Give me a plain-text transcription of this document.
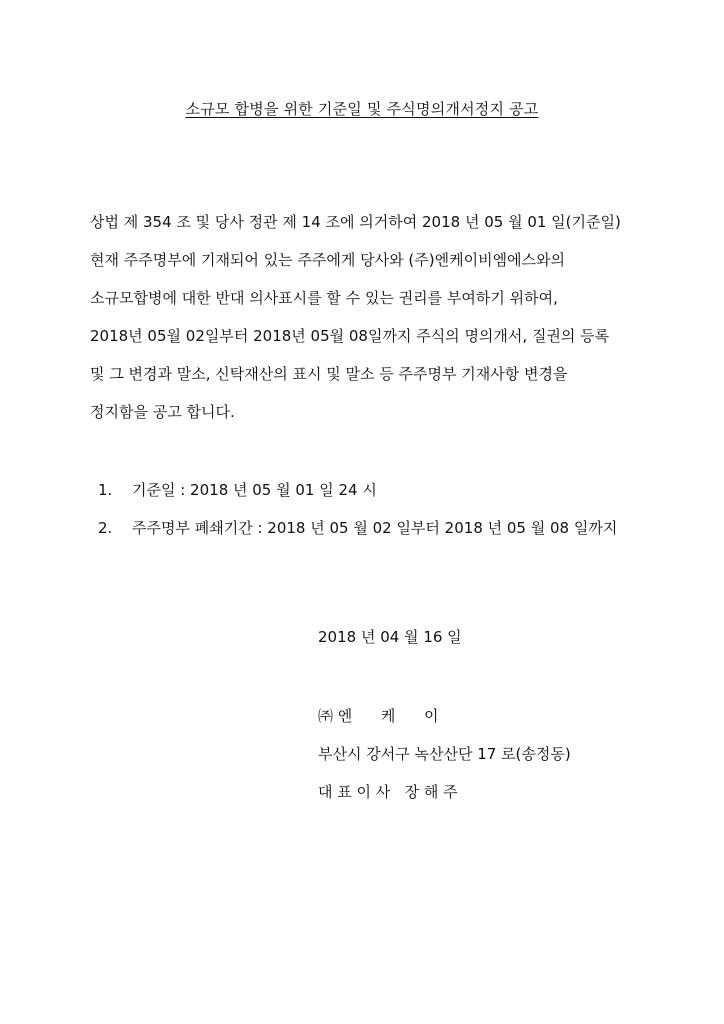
소규모 합병을 위한 기준일 및 주식명의개서정지 공고
상법 제 354 조 및 당사 정관 제 14 조에 의거하여 2018 년 05 월 01 일(기준일)
현재 주주명부에 기재되어 있는 주주에게 당사와 (주)엔케이비엠에스와의
소규모합병에 대한 반대 의사표시를 할 수 있는 권리를 부여하기 위하여,
2018년 05월 02일부터 2018년 05월 08일까지 주식의 명의개서, 질권의 등록
및 그 변경과 말소, 신탁재산의 표시 및 말소 등 주주명부 기재사항 변경을
정지함을 공고 합니다.
1.	기준일 : 2018 년 05 월 01 일 24 시
2.	주주명부 폐쇄기간 : 2018 년 05 월 02 일부터 2018 년 05 월 08 일까지
2018 년 04 월 16 일
㈜ 엔      케      이
부산시 강서구 녹산산단 17 로(송정동)
대 표 이 사   장 해 주
